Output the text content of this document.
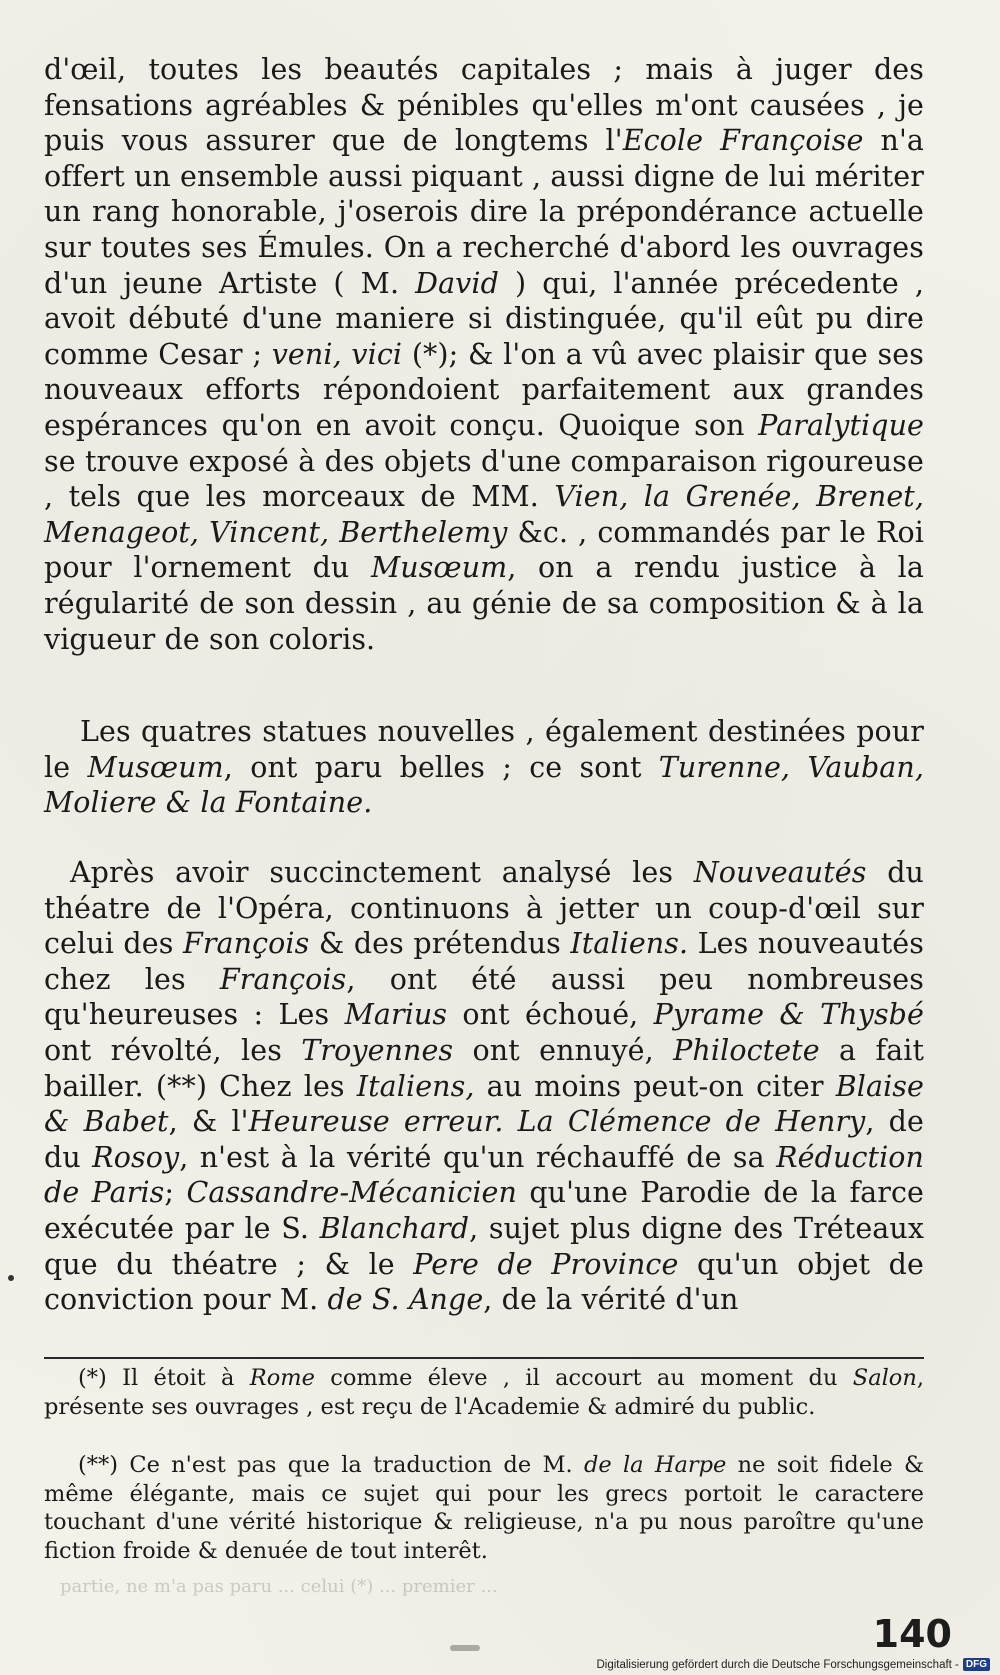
d'œil, toutes les beautés capitales ; mais à juger des fensations agréables & pénibles qu'elles m'ont causées , je puis vous assurer que de longtems l'Ecole Françoise n'a offert un ensemble aussi piquant , aussi digne de lui mériter un rang honorable, j'oserois dire la prépondérance actuelle sur toutes ses Émules. On a recherché d'abord les ouvrages d'un jeune Artiste ( M. David ) qui, l'année précedente , avoit débuté d'une maniere si distinguée, qu'il eût pu dire comme Cesar ; veni, vici (*); & l'on a vû avec plaisir que ses nouveaux efforts répondoient parfaitement aux grandes espérances qu'on en avoit conçu. Quoique son Paralytique se trouve exposé à des objets d'une comparaison rigoureuse , tels que les morceaux de MM. Vien, la Grenée, Brenet, Menageot, Vincent, Berthelemy &c. , commandés par le Roi pour l'ornement du Musœum, on a rendu justice à la régularité de son dessin , au génie de sa composition & à la vigueur de son coloris.

Les quatres statues nouvelles , également destinées pour le Musœum, ont paru belles ; ce sont Turenne, Vauban, Moliere & la Fontaine.

Après avoir succinctement analysé les Nouveautés du théatre de l'Opéra, continuons à jetter un coup-d'œil sur celui des François & des prétendus Italiens. Les nouveautés chez les François, ont été aussi peu nombreuses qu'heureuses : Les Marius ont échoué, Pyrame & Thysbé ont révolté, les Troyennes ont ennuyé, Philoctete a fait bailler. (**) Chez les Italiens, au moins peut-on citer Blaise & Babet, & l'Heureuse erreur. La Clémence de Henry, de du Rosoy, n'est à la vérité qu'un réchauffé de sa Réduction de Paris; Cassandre-Mécanicien qu'une Parodie de la farce exécutée par le S. Blanchard, sujet plus digne des Tréteaux que du théatre ; & le Pere de Province qu'un objet de conviction pour M. de S. Ange, de la vérité d'un

(*) Il étoit à Rome comme éleve , il accourt au moment du Salon, présente ses ouvrages , est reçu de l'Academie & admiré du public.

(**) Ce n'est pas que la traduction de M. de la Harpe ne soit fidele & même élégante, mais ce sujet qui pour les grecs portoit le caractere touchant d'une vérité historique & religieuse, n'a pu nous paroître qu'une fiction froide & denuée de tout interêt.

partie, ne m'a pas paru ... celui (*) ... premier ...
140
Digitalisierung gefördert durch die Deutsche Forschungsgemeinschaft - DFG
